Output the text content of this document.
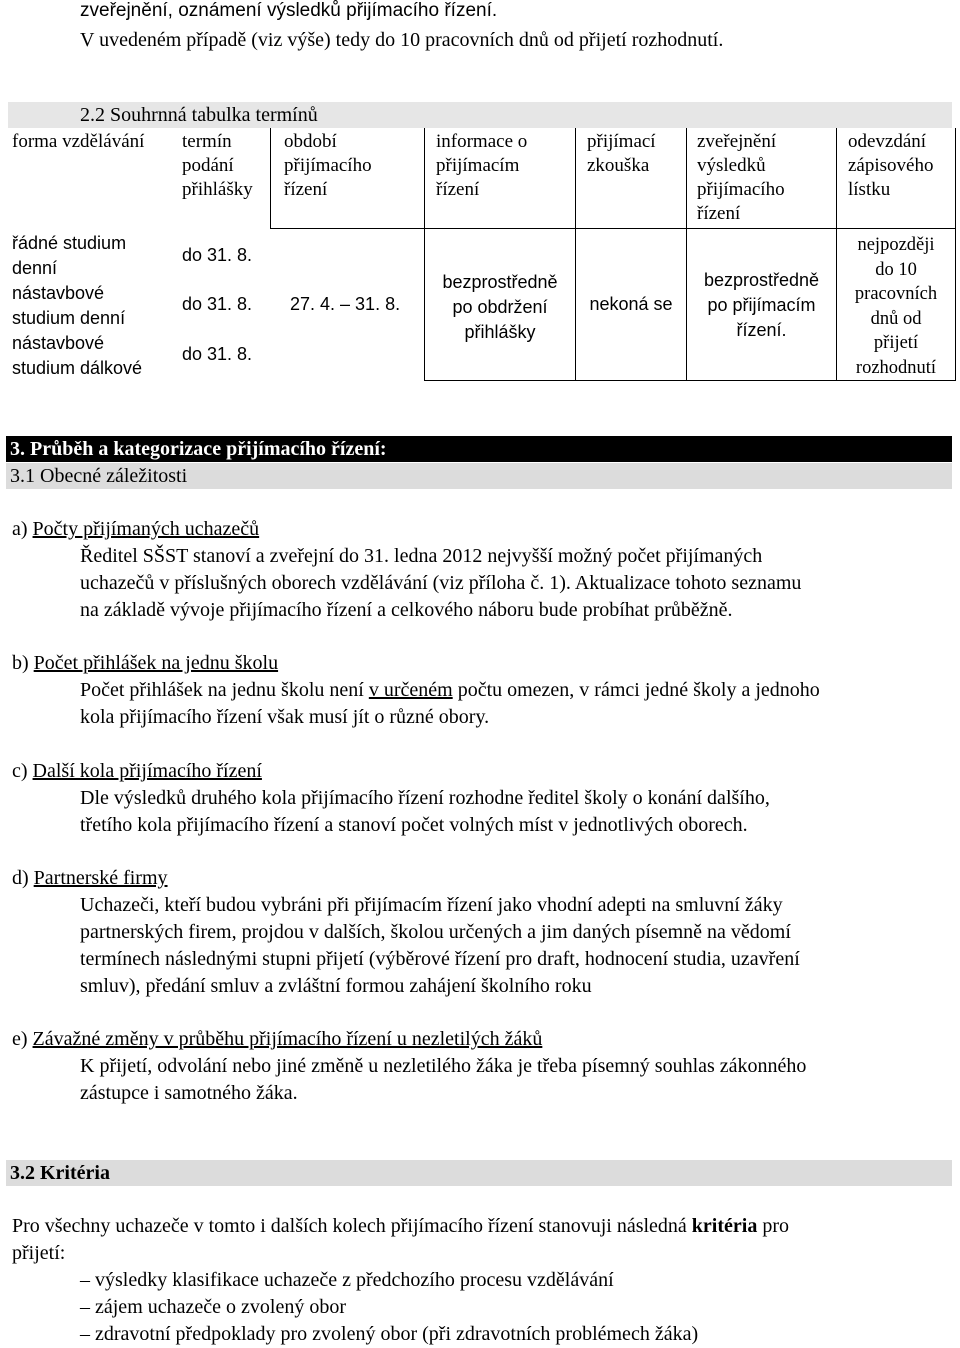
zveřejnění, oznámení výsledků přijímacího řízení.
V uvedeném případě (viz výše) tedy do 10 pracovních dnů od přijetí rozhodnutí.
2.2 Souhrnná tabulka termínů
forma vzdělávání termín
podání
přihlášky
období
přijímacího
řízení
informace o
přijímacím
řízení
přijímací
zkouška
zveřejnění
výsledků
přijímacího
řízení
odevzdání
zápisového
lístku
řádné studium
denní
nástavbové
studium denní
nástavbové
studium dálkové
do 31. 8.
do 31. 8.
do 31. 8.
27. 4. – 31. 8.
bezprostředně
po obdržení
přihlášky
nekoná se
bezprostředně
po přijímacím
řízení.
nejpozději
do 10
pracovních
dnů od
přijetí
rozhodnutí
3. Průběh a kategorizace přijímacího řízení:
3.1 Obecné záležitosti
a) Počty přijímaných uchazečů
Ředitel SŠST stanoví a zveřejní do 31. ledna 2012 nejvyšší možný počet přijímaných
uchazečů v příslušných oborech vzdělávání (viz příloha č. 1). Aktualizace tohoto seznamu
na základě vývoje přijímacího řízení a celkového náboru bude probíhat průběžně.
b) Počet přihlášek na jednu školu
Počet přihlášek na jednu školu není v určeném počtu omezen, v rámci jedné školy a jednoho
kola přijímacího řízení však musí jít o různé obory.
c) Další kola přijímacího řízení
Dle výsledků druhého kola přijímacího řízení rozhodne ředitel školy o konání dalšího,
třetího kola přijímacího řízení a stanoví počet volných míst v jednotlivých oborech.
d) Partnerské firmy
Uchazeči, kteří budou vybráni při přijímacím řízení jako vhodní adepti na smluvní žáky
partnerských firem, projdou v dalších, školou určených a jim daných písemně na vědomí
termínech následnými stupni přijetí (výběrové řízení pro draft, hodnocení studia, uzavření
smluv), předání smluv a zvláštní formou zahájení školního roku
e) Závažné změny v průběhu přijímacího řízení u nezletilých žáků
K přijetí, odvolání nebo jiné změně u nezletilého žáka je třeba písemný souhlas zákonného
zástupce i samotného žáka.
3.2 Kritéria
Pro všechny uchazeče v tomto i dalších kolech přijímacího řízení stanovuji následná kritéria pro
přijetí:
– výsledky klasifikace uchazeče z předchozího procesu vzdělávání
– zájem uchazeče o zvolený obor
– zdravotní předpoklady pro zvolený obor (při zdravotních problémech žáka)
